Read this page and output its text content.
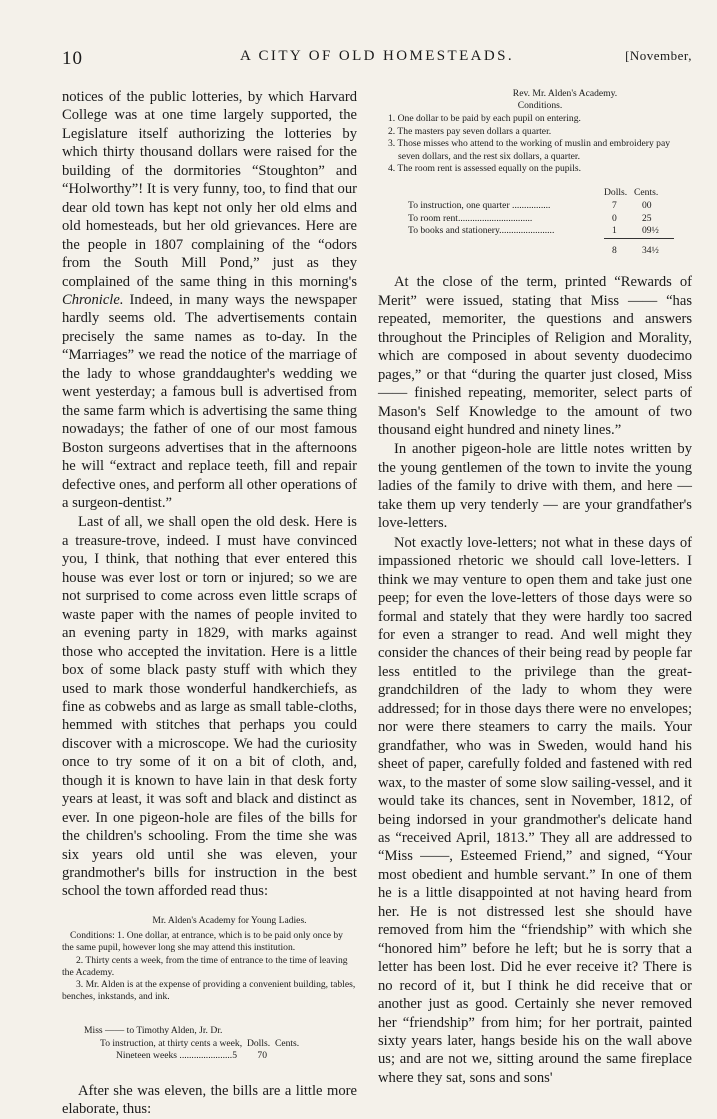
10	A CITY OF OLD HOMESTEADS.	[November,

notices of the public lotteries, by which Harvard College was at one time largely supported, the Legislature itself authorizing the lotteries by which thirty thousand dollars were raised for the building of the dormitories “Stoughton” and “Holworthy”! It is very funny, too, to find that our dear old town has kept not only her old elms and old homesteads, but her old grievances. Here are the people in 1807 complaining of the “odors from the South Mill Pond,” just as they complained of the same thing in this morning's Chronicle. Indeed, in many ways the newspaper hardly seems old. The advertisements contain precisely the same names as to-day. In the “Marriages” we read the notice of the marriage of the lady to whose granddaughter's wedding we went yesterday; a famous bull is advertised from the same farm which is advertising the same thing nowadays; the father of one of our most famous Boston surgeons advertises that in the afternoons he will “extract and replace teeth, fill and repair defective ones, and perform all other operations of a surgeon-dentist.”

Last of all, we shall open the old desk. Here is a treasure-trove, indeed. I must have convinced you, I think, that nothing that ever entered this house was ever lost or torn or injured; so we are not surprised to come across even little scraps of waste paper with the names of people invited to an evening party in 1829, with marks against those who accepted the invitation. Here is a little box of some black pasty stuff with which they used to mark those wonderful handkerchiefs, as fine as cobwebs and as large as small table-cloths, hemmed with stitches that perhaps you could discover with a microscope. We had the curiosity once to try some of it on a bit of cloth, and, though it is known to have lain in that desk forty years at least, it was soft and black and distinct as ever. In one pigeon-hole are files of the bills for the children's schooling. From the time she was six years old until she was eleven, your grandmother's bills for instruction in the best school the town afforded read thus:

Mr. Alden's Academy for Young Ladies.
Conditions: 1. One dollar, at entrance, which is to be paid only once by the same pupil, however long she may attend this institution.
2. Thirty cents a week, from the time of entrance to the time of leaving the Academy.
3. Mr. Alden is at the expense of providing a convenient building, tables, benches, inkstands, and ink.
Miss —— to Timothy Alden, Jr. Dr.
To instruction, at thirty cents a week, Dolls. Cents.
Nineteen weeks ......................5 70

After she was eleven, the bills are a little more elaborate, thus:

Rev. Mr. Alden's Academy.
Conditions.
1. One dollar to be paid by each pupil on entering.
2. The masters pay seven dollars a quarter.
3. Those misses who attend to the working of muslin and embroidery pay seven dollars, and the rest six dollars, a quarter.
4. The room rent is assessed equally on the pupils.
	Dolls.	Cents.
To instruction, one quarter ................	7	00
To room rent...............................	0	25
To books and stationery.......................	1	09½
	8	34½

At the close of the term, printed “Rewards of Merit” were issued, stating that Miss —— “has repeated, memoriter, the questions and answers throughout the Principles of Religion and Morality, which are composed in about seventy duodecimo pages,” or that “during the quarter just closed, Miss —— finished repeating, memoriter, select parts of Mason's Self Knowledge to the amount of two thousand eight hundred and ninety lines.”

In another pigeon-hole are little notes written by the young gentlemen of the town to invite the young ladies of the family to drive with them, and here — take them up very tenderly — are your grandfather's love-letters.

Not exactly love-letters; not what in these days of impassioned rhetoric we should call love-letters. I think we may venture to open them and take just one peep; for even the love-letters of those days were so formal and stately that they were hardly too sacred for even a stranger to read. And well might they consider the chances of their being read by people far less entitled to the privilege than the great-grandchildren of the lady to whom they were addressed; for in those days there were no envelopes; nor were there steamers to carry the mails. Your grandfather, who was in Sweden, would hand his sheet of paper, carefully folded and fastened with red wax, to the master of some slow sailing-vessel, and it would take its chances, sent in November, 1812, of being indorsed in your grandmother's delicate hand as “received April, 1813.” They all are addressed to “Miss ——, Esteemed Friend,” and signed, “Your most obedient and humble servant.” In one of them he is a little disappointed at not having heard from her. He is not distressed lest she should have removed from him the “friendship” with which she “honored him” before he left; but he is sorry that a letter has been lost. Did he ever receive it? There is no record of it, but I think he did receive that or another just as good. Certainly she never removed her “friendship” from him; for her portrait, painted sixty years later, hangs beside his on the wall above us; and are not we, sitting around the same fireplace where they sat, sons and sons'
